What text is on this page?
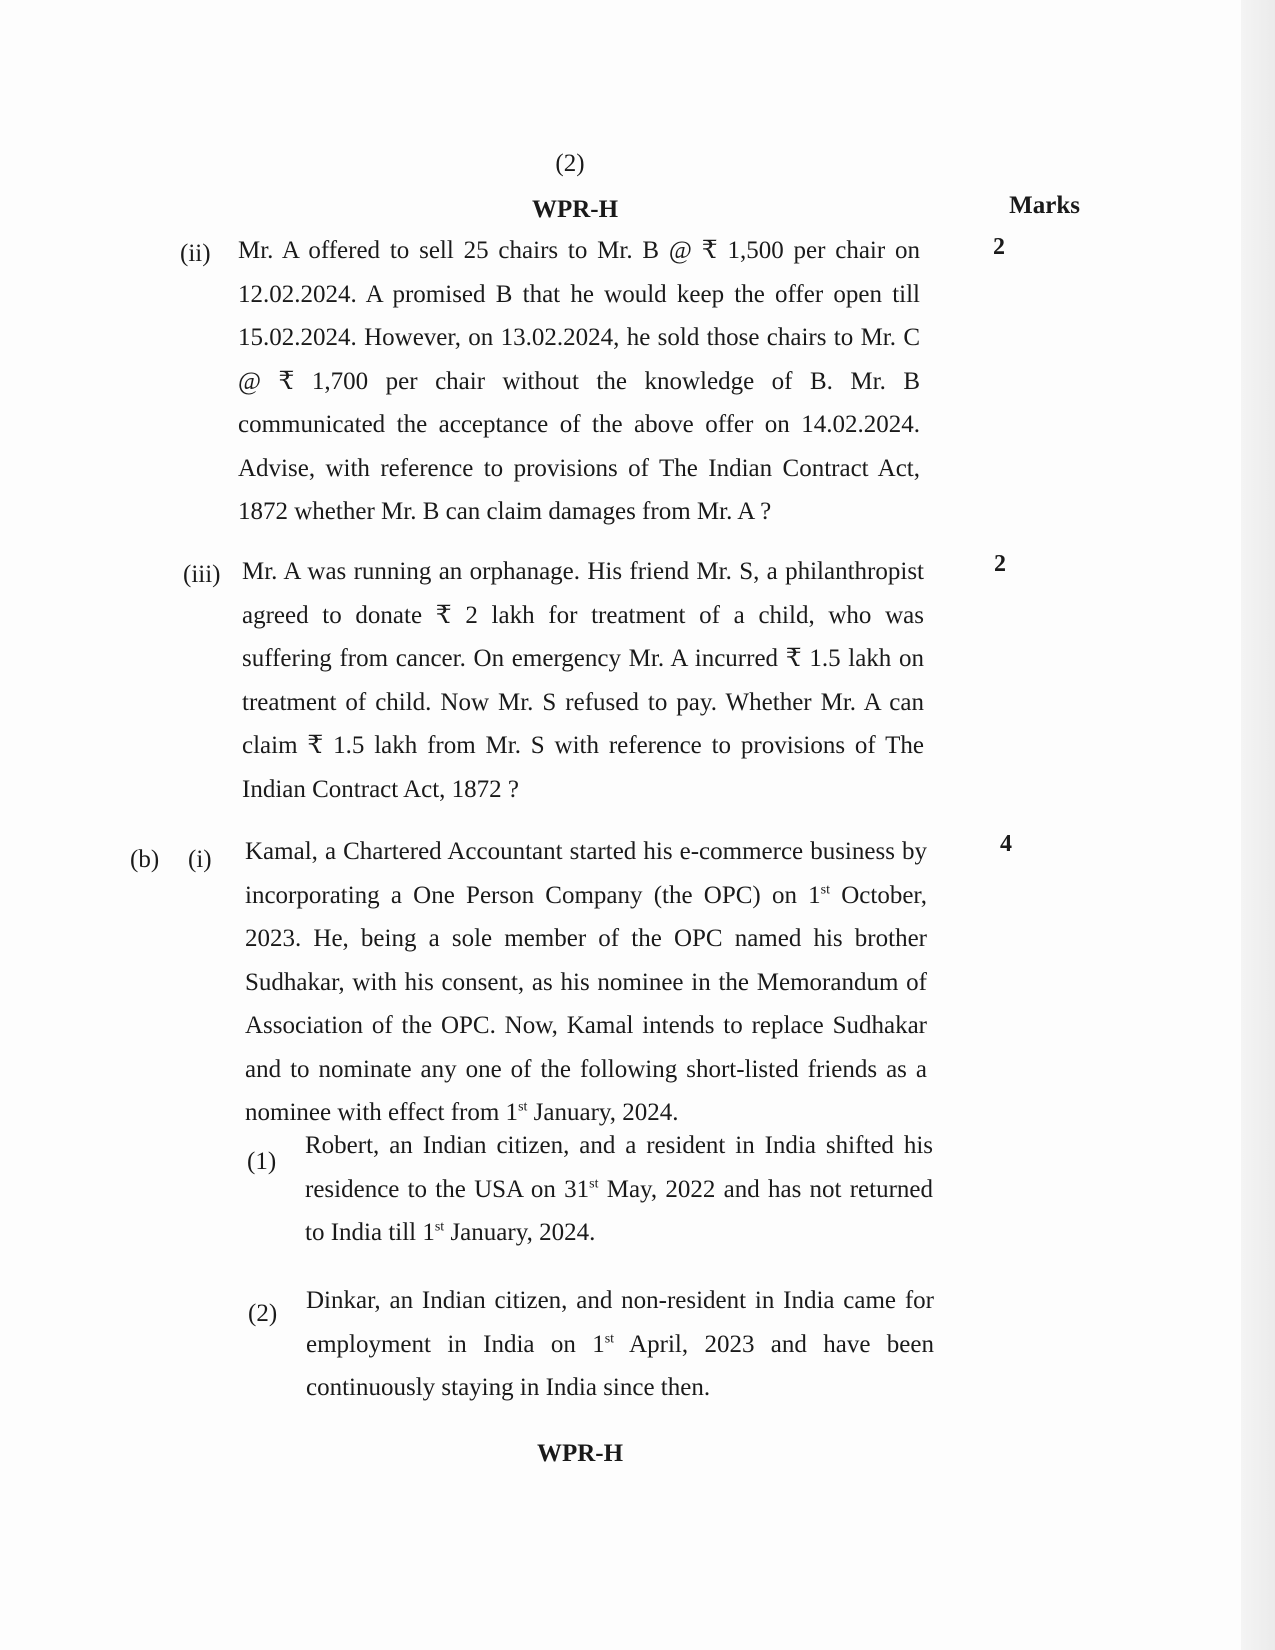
(2)
WPR-H	Marks
(ii) Mr. A offered to sell 25 chairs to Mr. B @ ₹ 1,500 per chair on 12.02.2024. A promised B that he would keep the offer open till 15.02.2024. However, on 13.02.2024, he sold those chairs to Mr. C @ ₹ 1,700 per chair without the knowledge of B. Mr. B communicated the acceptance of the above offer on 14.02.2024. Advise, with reference to provisions of The Indian Contract Act, 1872 whether Mr. B can claim damages from Mr. A ?
2
(iii) Mr. A was running an orphanage. His friend Mr. S, a philanthropist agreed to donate ₹ 2 lakh for treatment of a child, who was suffering from cancer. On emergency Mr. A incurred ₹ 1.5 lakh on treatment of child. Now Mr. S refused to pay. Whether Mr. A can claim ₹ 1.5 lakh from Mr. S with reference to provisions of The Indian Contract Act, 1872 ?
2
(b) (i) Kamal, a Chartered Accountant started his e-commerce business by incorporating a One Person Company (the OPC) on 1st October, 2023. He, being a sole member of the OPC named his brother Sudhakar, with his consent, as his nominee in the Memorandum of Association of the OPC. Now, Kamal intends to replace Sudhakar and to nominate any one of the following short-listed friends as a nominee with effect from 1st January, 2024.
4
(1)
Robert, an Indian citizen, and a resident in India shifted his residence to the USA on 31st May, 2022 and has not returned to India till 1st January, 2024.
(2) Dinkar, an Indian citizen, and non-resident in India came for employment in India on 1st April, 2023 and have been continuously staying in India since then.
WPR-H
